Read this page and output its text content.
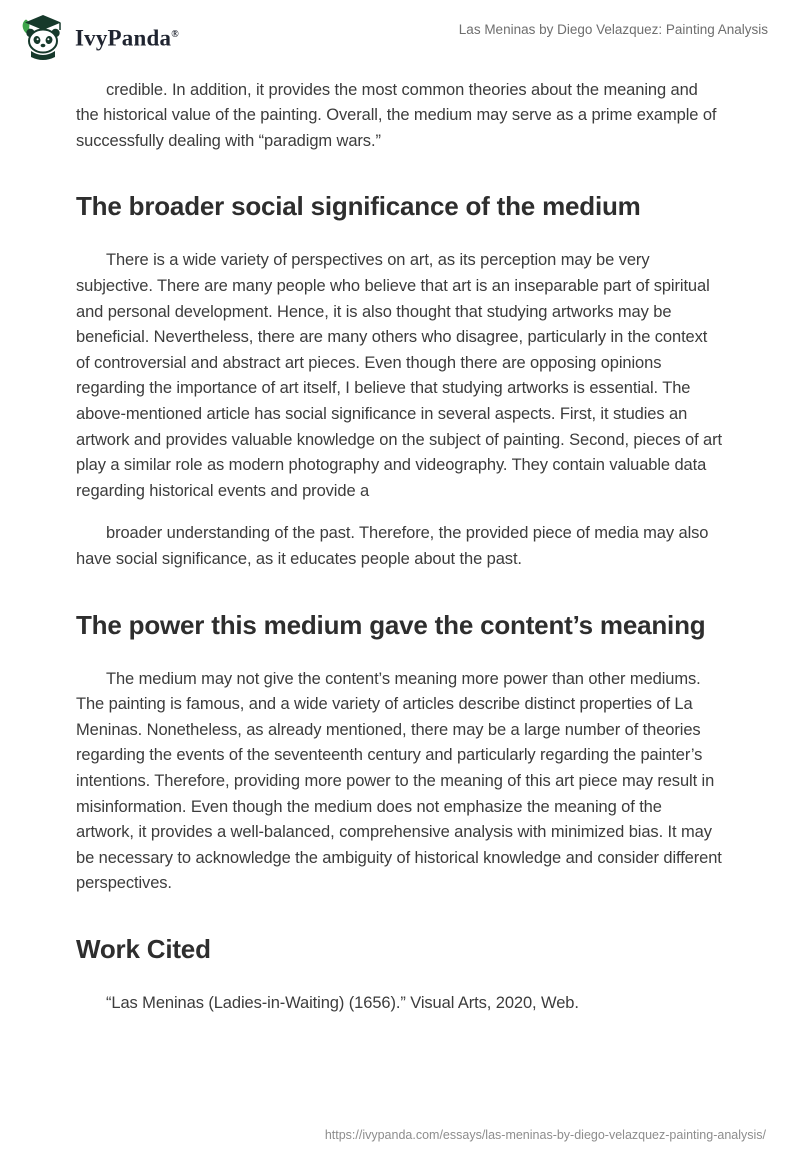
IvyPanda®	Las Meninas by Diego Velazquez: Painting Analysis

credible. In addition, it provides the most common theories about the meaning and the historical value of the painting. Overall, the medium may serve as a prime example of successfully dealing with “paradigm wars.”

The broader social significance of the medium

There is a wide variety of perspectives on art, as its perception may be very subjective. There are many people who believe that art is an inseparable part of spiritual and personal development. Hence, it is also thought that studying artworks may be beneficial. Nevertheless, there are many others who disagree, particularly in the context of controversial and abstract art pieces. Even though there are opposing opinions regarding the importance of art itself, I believe that studying artworks is essential. The above-mentioned article has social significance in several aspects. First, it studies an artwork and provides valuable knowledge on the subject of painting. Second, pieces of art play a similar role as modern photography and videography. They contain valuable data regarding historical events and provide a

broader understanding of the past. Therefore, the provided piece of media may also have social significance, as it educates people about the past.

The power this medium gave the content’s meaning

The medium may not give the content’s meaning more power than other mediums. The painting is famous, and a wide variety of articles describe distinct properties of La Meninas. Nonetheless, as already mentioned, there may be a large number of theories regarding the events of the seventeenth century and particularly regarding the painter’s intentions. Therefore, providing more power to the meaning of this art piece may result in misinformation. Even though the medium does not emphasize the meaning of the artwork, it provides a well-balanced, comprehensive analysis with minimized bias. It may be necessary to acknowledge the ambiguity of historical knowledge and consider different perspectives.

Work Cited

“Las Meninas (Ladies-in-Waiting) (1656).” Visual Arts, 2020, Web.

https://ivypanda.com/essays/las-meninas-by-diego-velazquez-painting-analysis/
